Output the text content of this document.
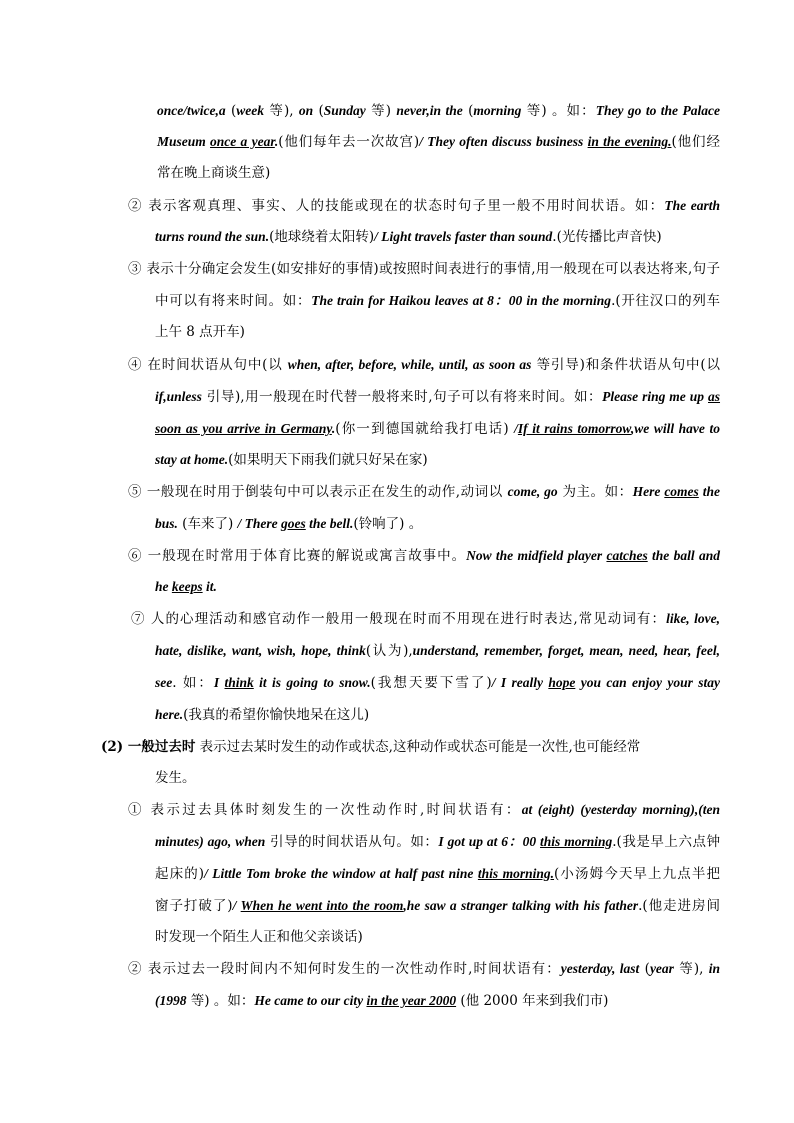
once/twice,a (week 等), on (Sunday 等) never,in the (morning 等) 。如：They go to the Palace
Museum once a year.(他们每年去一次故宫)/ They often discuss business in the evening.(他们经
常在晚上商谈生意)
② 表示客观真理、事实、人的技能或现在的状态时句子里一般不用时间状语。如：The earth
turns round the sun.(地球绕着太阳转)/ Light travels faster than sound.(光传播比声音快)
③ 表示十分确定会发生(如安排好的事情)或按照时间表进行的事情,用一般现在可以表达将来,句子
中可以有将来时间。如：The train for Haikou leaves at 8：00 in the morning.(开往汉口的列车
上午 8 点开车)
④ 在时间状语从句中(以 when, after, before, while, until, as soon as 等引导)和条件状语从句中(以
if,unless 引导),用一般现在时代替一般将来时,句子可以有将来时间。如：Please ring me up as
soon as you arrive in Germany.(你一到德国就给我打电话) /If it rains tomorrow,we will have to
stay at home.(如果明天下雨我们就只好呆在家)
⑤ 一般现在时用于倒装句中可以表示正在发生的动作,动词以 come, go 为主。如：Here comes the
bus. (车来了) / There goes the bell.(铃响了) 。
⑥ 一般现在时常用于体育比赛的解说或寓言故事中。Now the midfield player catches the ball and
he keeps it.
⑦ 人的心理活动和感官动作一般用一般现在时而不用现在进行时表达,常见动词有：like, love,
hate, dislike, want, wish, hope, think(认为),understand, remember, forget, mean, need, hear, feel,
see. 如：I think it is going to snow.(我想天要下雪了)/ I really hope you can enjoy your stay
here.(我真的希望你愉快地呆在这儿)
(2) 一般过去时 表示过去某时发生的动作或状态,这种动作或状态可能是一次性,也可能经常
发生。
① 表示过去具体时刻发生的一次性动作时,时间状语有：at (eight) (yesterday morning),(ten
minutes) ago, when 引导的时间状语从句。如：I got up at 6：00 this morning.(我是早上六点钟
起床的)/ Little Tom broke the window at half past nine this morning.(小汤姆今天早上九点半把
窗子打破了)/ When he went into the room,he saw a stranger talking with his father.(他走进房间
时发现一个陌生人正和他父亲谈话)
② 表示过去一段时间内不知何时发生的一次性动作时,时间状语有：yesterday, last (year 等), in
(1998 等) 。如：He came to our city in the year 2000 (他 2000 年来到我们市)
